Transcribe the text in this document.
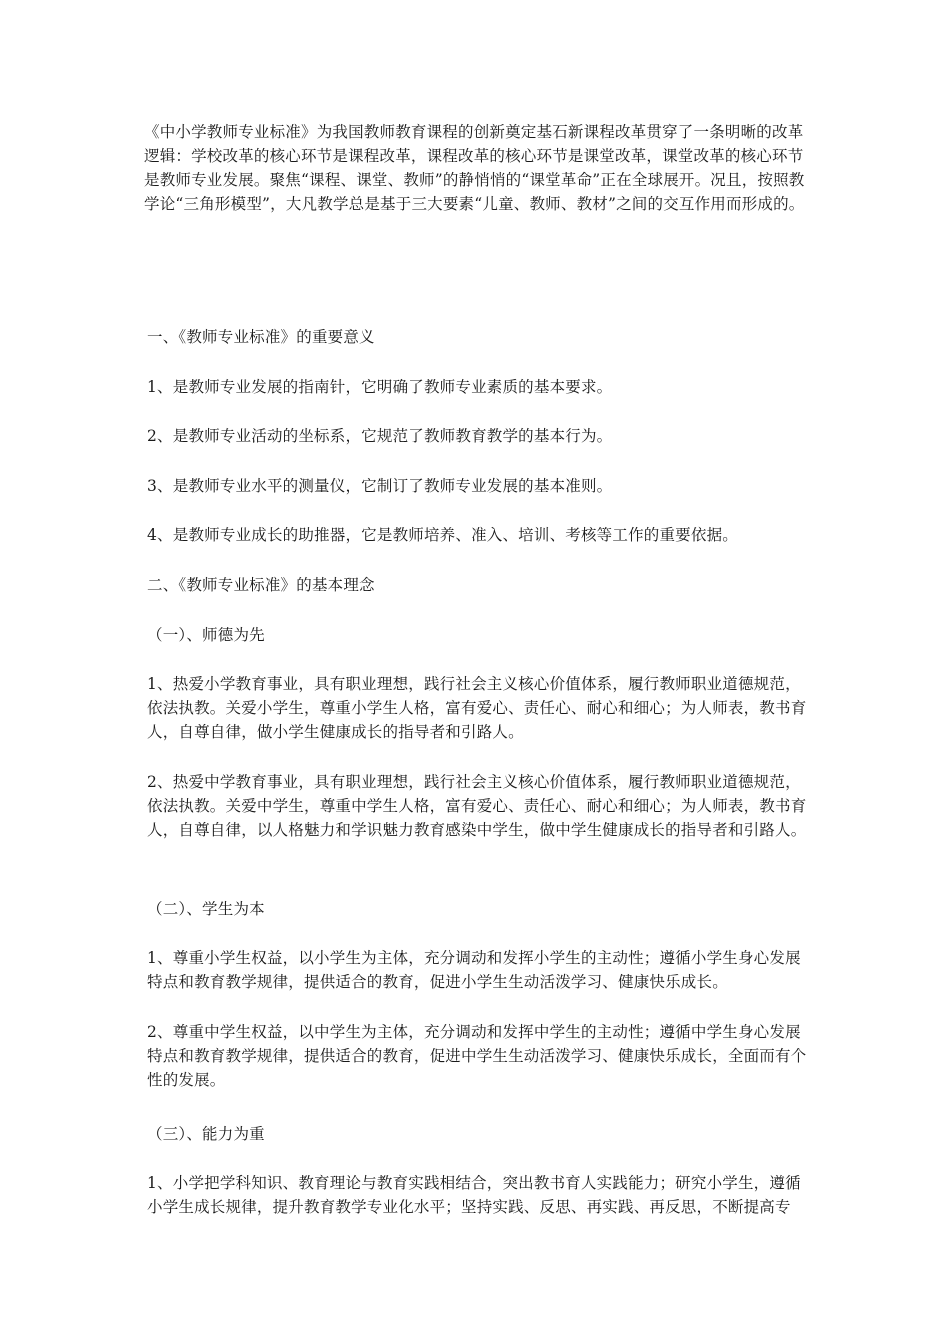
《中小学教师专业标准》为我国教师教育课程的创新奠定基石新课程改革贯穿了一条明晰的改革逻辑：学校改革的核心环节是课程改革，课程改革的核心环节是课堂改革，课堂改革的核心环节是教师专业发展。聚焦“课程、课堂、教师”的静悄悄的“课堂革命”正在全球展开。况且，按照教学论“三角形模型”，大凡教学总是基于三大要素“儿童、教师、教材”之间的交互作用而形成的。

一、《教师专业标准》的重要意义

1、是教师专业发展的指南针，它明确了教师专业素质的基本要求。

2、是教师专业活动的坐标系，它规范了教师教育教学的基本行为。

3、是教师专业水平的测量仪，它制订了教师专业发展的基本准则。

4、是教师专业成长的助推器，它是教师培养、准入、培训、考核等工作的重要依据。

二、《教师专业标准》的基本理念

（一）、师德为先

1、热爱小学教育事业，具有职业理想，践行社会主义核心价值体系，履行教师职业道德规范，依法执教。关爱小学生，尊重小学生人格，富有爱心、责任心、耐心和细心；为人师表，教书育人，自尊自律，做小学生健康成长的指导者和引路人。

2、热爱中学教育事业，具有职业理想，践行社会主义核心价值体系，履行教师职业道德规范，依法执教。关爱中学生，尊重中学生人格，富有爱心、责任心、耐心和细心；为人师表，教书育人，自尊自律，以人格魅力和学识魅力教育感染中学生，做中学生健康成长的指导者和引路人。

（二）、学生为本

1、尊重小学生权益，以小学生为主体，充分调动和发挥小学生的主动性；遵循小学生身心发展特点和教育教学规律，提供适合的教育，促进小学生生动活泼学习、健康快乐成长。

2、尊重中学生权益，以中学生为主体，充分调动和发挥中学生的主动性；遵循中学生身心发展特点和教育教学规律，提供适合的教育，促进中学生生动活泼学习、健康快乐成长，全面而有个性的发展。

（三）、能力为重

1、小学把学科知识、教育理论与教育实践相结合，突出教书育人实践能力；研究小学生，遵循小学生成长规律，提升教育教学专业化水平；坚持实践、反思、再实践、再反思，不断提高专
